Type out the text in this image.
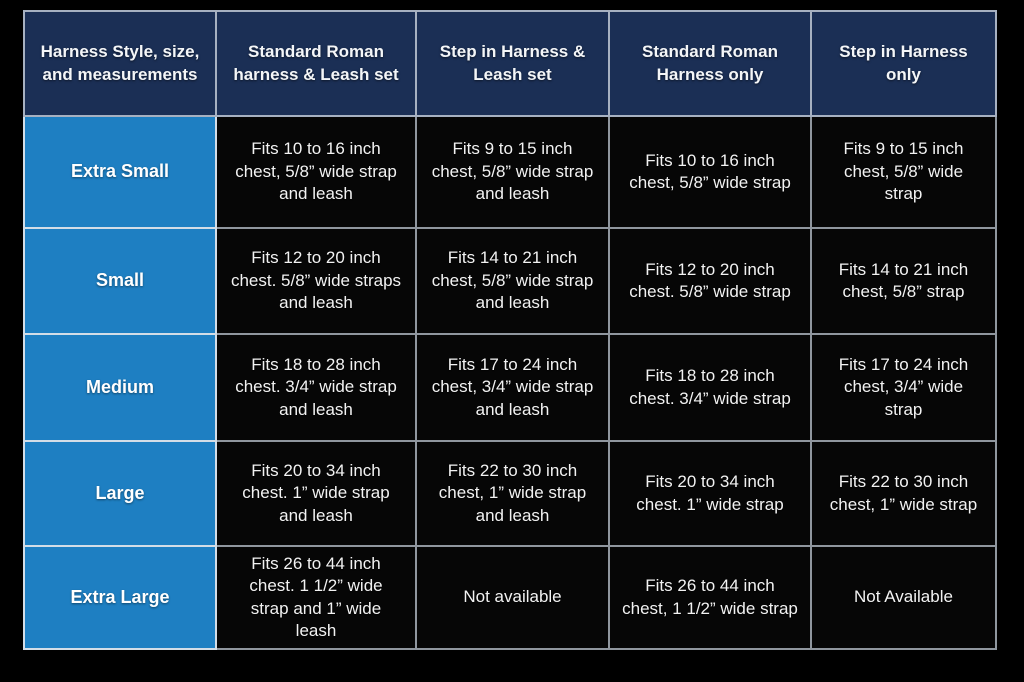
Harness Style, size, and measurements	Standard Roman harness & Leash set	Step in Harness & Leash set	Standard Roman Harness only	Step in Harness only
Extra Small	Fits 10 to 16 inch chest, 5/8” wide strap and leash	Fits 9 to 15 inch chest, 5/8” wide strap and leash	Fits 10 to 16 inch chest, 5/8” wide strap	Fits 9 to 15 inch chest, 5/8” wide strap
Small	Fits 12 to 20 inch chest. 5/8” wide straps and leash	Fits 14 to 21 inch chest, 5/8” wide strap and leash	Fits 12 to 20 inch chest. 5/8” wide strap	Fits 14 to 21 inch chest, 5/8” strap
Medium	Fits 18 to 28 inch chest. 3/4” wide strap and leash	Fits 17 to 24 inch chest, 3/4” wide strap and leash	Fits 18 to 28 inch chest. 3/4” wide strap	Fits 17 to 24 inch chest, 3/4” wide strap
Large	Fits 20 to 34 inch chest. 1” wide strap and leash	Fits 22 to 30 inch chest, 1” wide strap and leash	Fits 20 to 34 inch chest. 1” wide strap	Fits 22 to 30 inch chest, 1” wide strap
Extra Large	Fits 26 to 44 inch chest. 1 1/2” wide strap and 1” wide leash	Not available	Fits 26 to 44 inch chest, 1 1/2” wide strap	Not Available
